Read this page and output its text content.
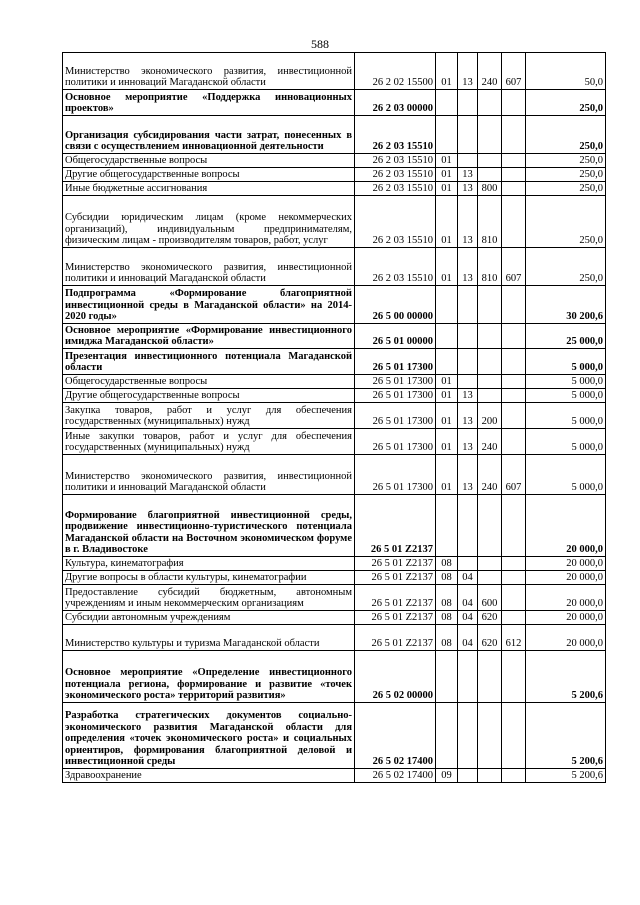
588
Министерство экономического развития, инвестиционной политики и инноваций Магаданской области	26 2 02 15500	01	13	240	607	50,0
Основное мероприятие «Поддержка инновационных проектов»	26 2 03 00000					250,0
Организация субсидирования части затрат, понесенных в связи с осуществлением инновационной деятельности	26 2 03 15510					250,0
Общегосударственные вопросы	26 2 03 15510	01				250,0
Другие общегосударственные вопросы	26 2 03 15510	01	13			250,0
Иные бюджетные ассигнования	26 2 03 15510	01	13	800		250,0
Субсидии юридическим лицам (кроме некоммерческих организаций), индивидуальным предпринимателям, физическим лицам - производителям товаров, работ, услуг	26 2 03 15510	01	13	810		250,0
Министерство экономического развития, инвестиционной политики и инноваций Магаданской области	26 2 03 15510	01	13	810	607	250,0
Подпрограмма «Формирование благоприятной инвестиционной среды в Магаданской области» на 2014-2020 годы»	26 5 00 00000					30 200,6
Основное мероприятие «Формирование инвестиционного имиджа Магаданской области»	26 5 01 00000					25 000,0
Презентация инвестиционного потенциала Магаданской области	26 5 01 17300					5 000,0
Общегосударственные вопросы	26 5 01 17300	01				5 000,0
Другие общегосударственные вопросы	26 5 01 17300	01	13			5 000,0
Закупка товаров, работ и услуг для обеспечения государственных (муниципальных) нужд	26 5 01 17300	01	13	200		5 000,0
Иные закупки товаров, работ и услуг для обеспечения государственных (муниципальных) нужд	26 5 01 17300	01	13	240		5 000,0
Министерство экономического развития, инвестиционной политики и инноваций Магаданской области	26 5 01 17300	01	13	240	607	5 000,0
Формирование благоприятной инвестиционной среды, продвижение инвестиционно-туристического потенциала Магаданской области на Восточном экономическом форуме в г. Владивостоке	26 5 01 Z2137					20 000,0
Культура, кинематография	26 5 01 Z2137	08				20 000,0
Другие вопросы в области культуры, кинематографии	26 5 01 Z2137	08	04			20 000,0
Предоставление субсидий бюджетным, автономным учреждениям и иным некоммерческим организациям	26 5 01 Z2137	08	04	600		20 000,0
Субсидии автономным учреждениям	26 5 01 Z2137	08	04	620		20 000,0
Министерство культуры и туризма Магаданской области	26 5 01 Z2137	08	04	620	612	20 000,0
Основное мероприятие «Определение инвестиционного потенциала региона, формирование и развитие «точек экономического роста» территорий развития»	26 5 02 00000					5 200,6
Разработка стратегических документов социально-экономического развития Магаданской области для определения «точек экономического роста» и социальных ориентиров, формирования благоприятной деловой и инвестиционной среды	26 5 02 17400					5 200,6
Здравоохранение	26 5 02 17400	09				5 200,6
